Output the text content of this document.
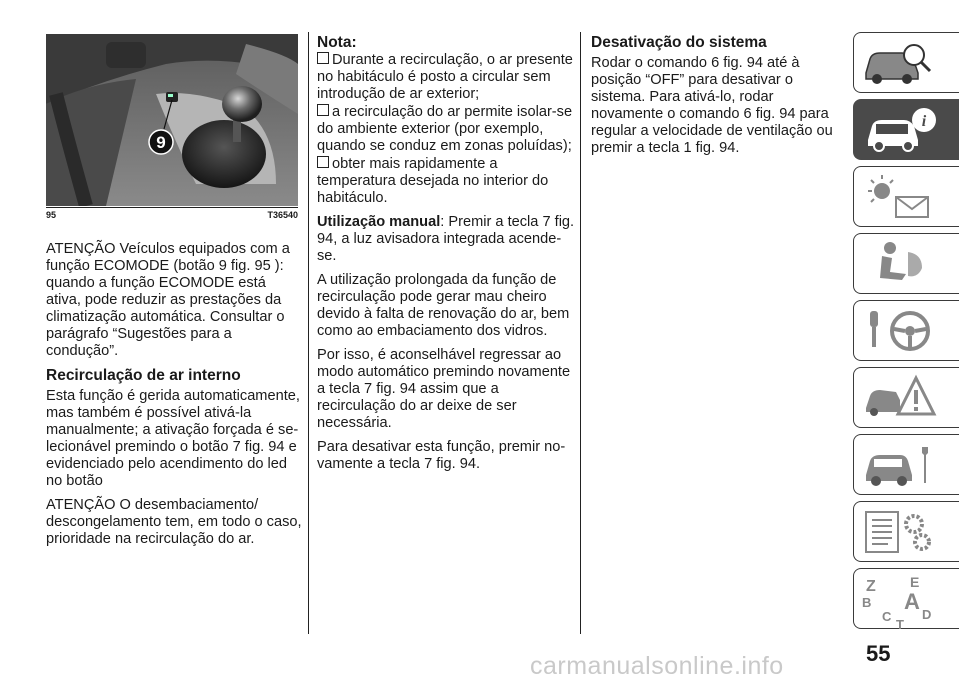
9
95	T36540

ATENÇÃO Veículos equipados com a função ECOMODE (botão 9 fig. 95 ): quando a função ECOMODE está ativa, pode reduzir as prestações da climatização automática. Consultar o parágrafo “Sugestões para a condução”.

Recirculação de ar interno

Esta função é gerida automaticamente, mas também é possível ativá-la manualmente; a ativação forçada é se-lecionável premindo o botão 7 fig. 94 e evidenciado pelo acendimento do led no botão

ATENÇÃO O desembaciamento/ descongelamento tem, em todo o caso, prioridade na recirculação do ar.

Nota:

Durante a recirculação, o ar presente no habitáculo é posto a circular sem introdução de ar exterior;

a recirculação do ar permite isolar-se do ambiente exterior (por exemplo, quando se conduz em zonas poluídas);

obter mais rapidamente a temperatura desejada no interior do habitáculo.

Utilização manual: Premir a tecla 7 fig. 94, a luz avisadora integrada acende-se.

A utilização prolongada da função de recirculação pode gerar mau cheiro devido à falta de renovação do ar, bem como ao embaciamento dos vidros.

Por isso, é aconselhável regressar ao modo automático premindo novamente a tecla 7 fig. 94 assim que a recirculação do ar deixe de ser necessária.

Para desativar esta função, premir no-vamente a tecla 7 fig. 94.

Desativação do sistema

Rodar o comando 6 fig. 94 até à posição “OFF” para desativar o sistema. Para ativá-lo, rodar novamente o comando 6 fig. 94 para regular a velocidade de ventilação ou premir a tecla 1 fig. 94.

i
Z E
B A
C D
T
55
carmanualsonline.info
